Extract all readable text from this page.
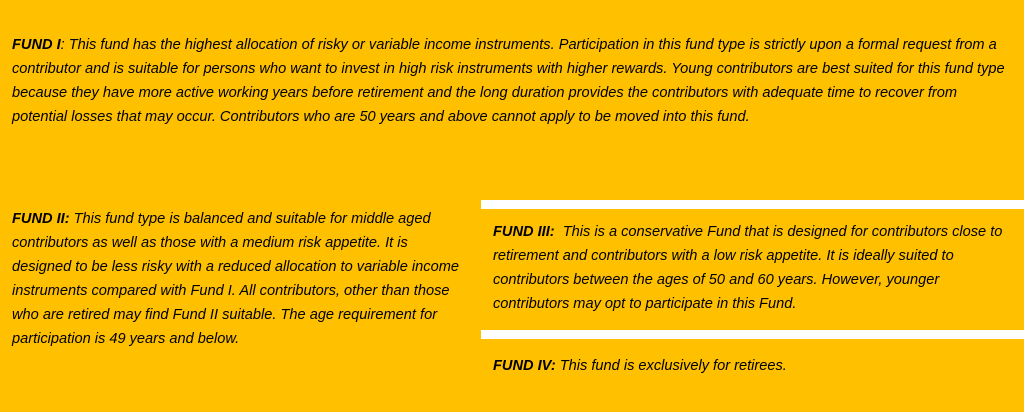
FUND I: This fund has the highest allocation of risky or variable income instruments. Participation in this fund type is strictly upon a formal request from a contributor and is suitable for persons who want to invest in high risk instruments with higher rewards. Young contributors are best suited for this fund type because they have more active working years before retirement and the long duration provides the contributors with adequate time to recover from potential losses that may occur. Contributors who are 50 years and above cannot apply to be moved into this fund.

FUND II: This fund type is balanced and suitable for middle aged contributors as well as those with a medium risk appetite. It is designed to be less risky with a reduced allocation to variable income instruments compared with Fund I. All contributors, other than those who are retired may find Fund II suitable. The age requirement for participation is 49 years and below.

FUND III:  This is a conservative Fund that is designed for contributors close to retirement and contributors with a low risk appetite. It is ideally suited to contributors between the ages of 50 and 60 years. However, younger contributors may opt to participate in this Fund.

FUND IV: This fund is exclusively for retirees.
